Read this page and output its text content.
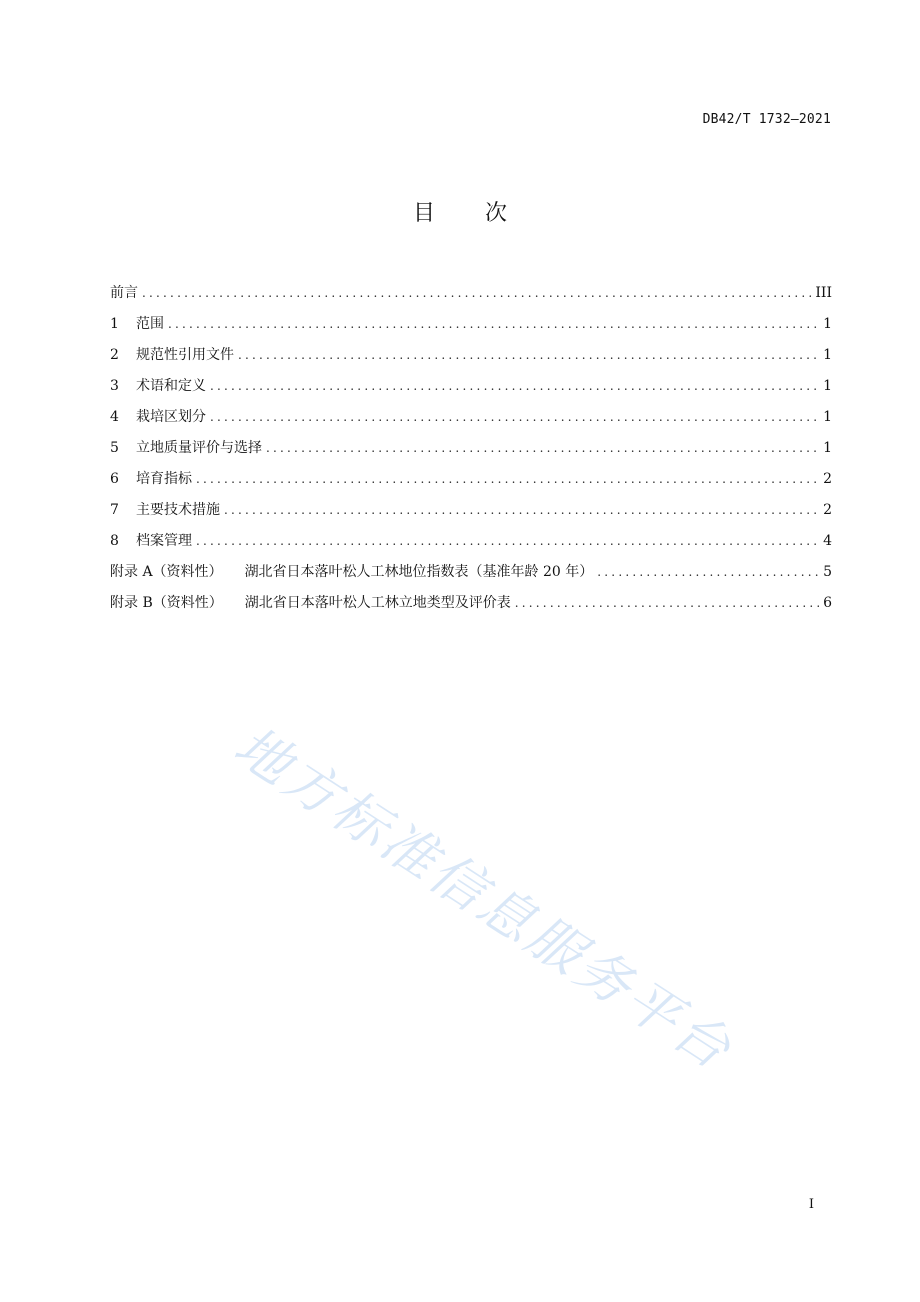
DB42/T 1732—2021
目 次
前言 .....	III
1	范围 .....	1
2	规范性引用文件 .....	1
3	术语和定义 .....	1
4	栽培区划分 .....	1
5	立地质量评价与选择 .....	1
6	培育指标 .....	2
7	主要技术措施 .....	2
8	档案管理 .....	4
附录 A（资料性） 湖北省日本落叶松人工林地位指数表（基准年龄 20 年） .....	5
附录 B（资料性） 湖北省日本落叶松人工林立地类型及评价表 .....	6
地方标准信息服务平台
I
